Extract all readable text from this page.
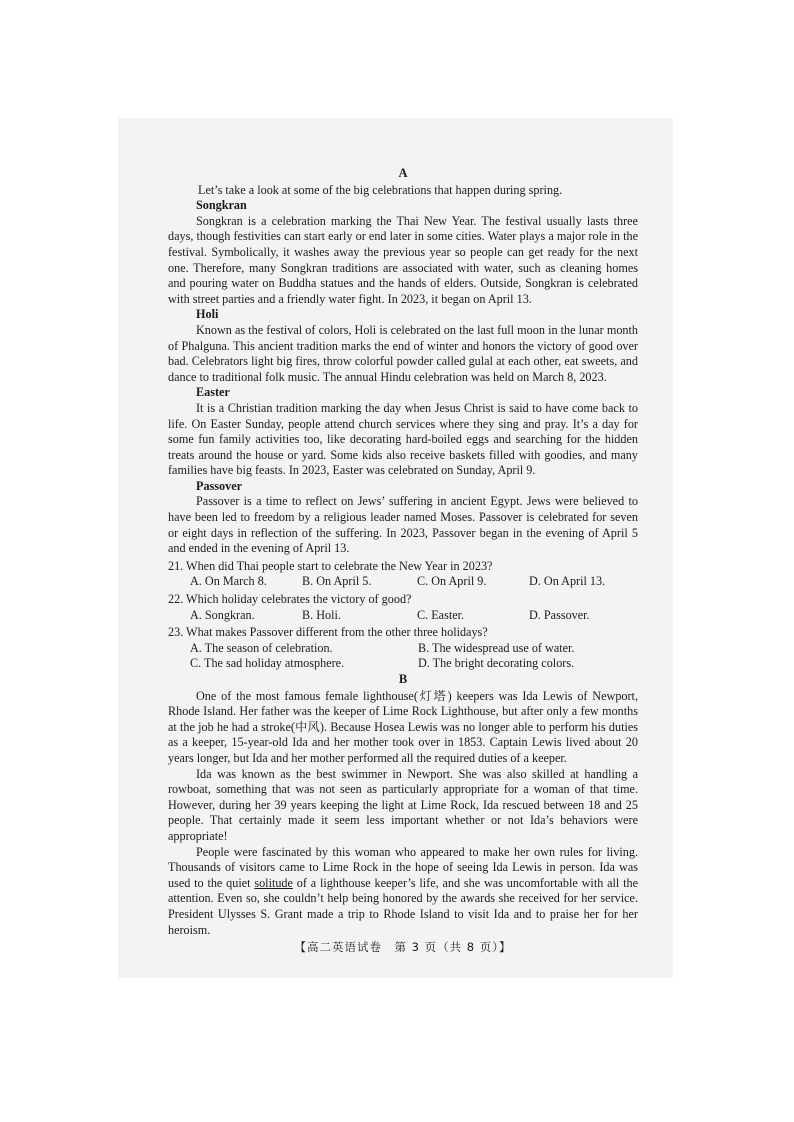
A
Let’s take a look at some of the big celebrations that happen during spring.
Songkran

Songkran is a celebration marking the Thai New Year. The festival usually lasts three days, though festivities can start early or end later in some cities. Water plays a major role in the festival. Symbolically, it washes away the previous year so people can get ready for the next one. Therefore, many Songkran traditions are associated with water, such as cleaning homes and pouring water on Buddha statues and the hands of elders. Outside, Songkran is celebrated with street parties and a friendly water fight. In 2023, it began on April 13.

Holi

Known as the festival of colors, Holi is celebrated on the last full moon in the lunar month of Phalguna. This ancient tradition marks the end of winter and honors the victory of good over bad. Celebrators light big fires, throw colorful powder called gulal at each other, eat sweets, and dance to traditional folk music. The annual Hindu celebration was held on March 8, 2023.

Easter

It is a Christian tradition marking the day when Jesus Christ is said to have come back to life. On Easter Sunday, people attend church services where they sing and pray. It’s a day for some fun family activities too, like decorating hard-boiled eggs and searching for the hidden treats around the house or yard. Some kids also receive baskets filled with goodies, and many families have big feasts. In 2023, Easter was celebrated on Sunday, April 9.

Passover

Passover is a time to reflect on Jews’ suffering in ancient Egypt. Jews were believed to have been led to freedom by a religious leader named Moses. Passover is celebrated for seven or eight days in reflection of the suffering. In 2023, Passover began in the evening of April 5 and ended in the evening of April 13.

21. When did Thai people start to celebrate the New Year in 2023?
A. On March 8.	B. On April 5.	C. On April 9.	D. On April 13.
22. Which holiday celebrates the victory of good?
A. Songkran.	B. Holi.	C. Easter.	D. Passover.
23. What makes Passover different from the other three holidays?
A. The season of celebration.	B. The widespread use of water.
C. The sad holiday atmosphere.	D. The bright decorating colors.
B

One of the most famous female lighthouse(灯塔) keepers was Ida Lewis of Newport, Rhode Island. Her father was the keeper of Lime Rock Lighthouse, but after only a few months at the job he had a stroke(中风). Because Hosea Lewis was no longer able to perform his duties as a keeper, 15-year-old Ida and her mother took over in 1853. Captain Lewis lived about 20 years longer, but Ida and her mother performed all the required duties of a keeper.

Ida was known as the best swimmer in Newport. She was also skilled at handling a rowboat, something that was not seen as particularly appropriate for a woman of that time. However, during her 39 years keeping the light at Lime Rock, Ida rescued between 18 and 25 people. That certainly made it seem less important whether or not Ida’s behaviors were appropriate!

People were fascinated by this woman who appeared to make her own rules for living. Thousands of visitors came to Lime Rock in the hope of seeing Ida Lewis in person. Ida was used to the quiet solitude of a lighthouse keeper’s life, and she was uncomfortable with all the attention. Even so, she couldn’t help being honored by the awards she received for her service. President Ulysses S. Grant made a trip to Rhode Island to visit Ida and to praise her for her heroism.

【高二英语试卷　第 3 页（共 8 页）】
